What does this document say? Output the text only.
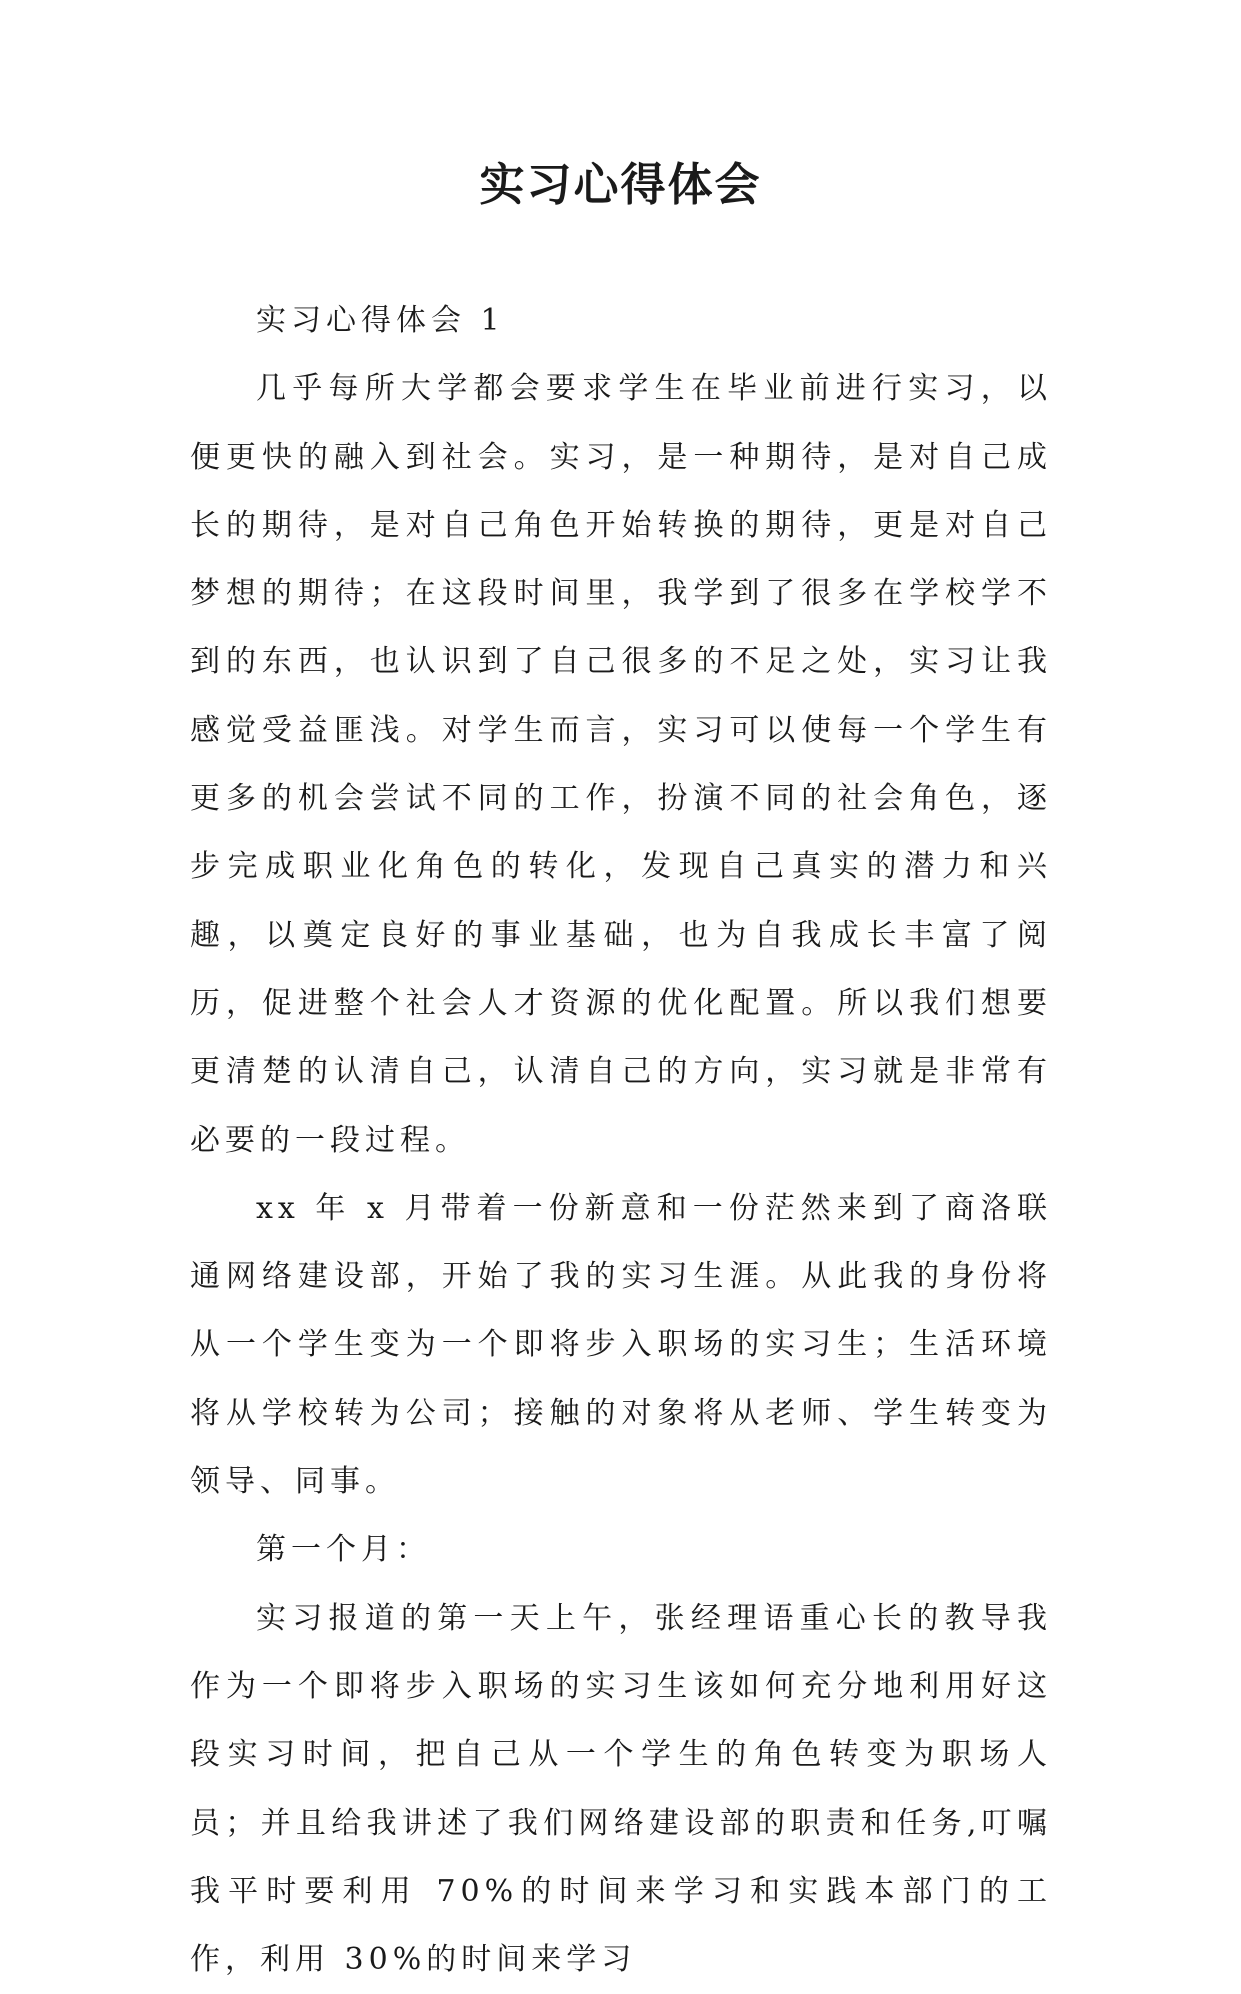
实习心得体会

实习心得体会 1

几乎每所大学都会要求学生在毕业前进行实习，以便更快的融入到社会。实习，是一种期待，是对自己成长的期待，是对自己角色开始转换的期待，更是对自己梦想的期待；在这段时间里，我学到了很多在学校学不到的东西，也认识到了自己很多的不足之处，实习让我感觉受益匪浅。对学生而言，实习可以使每一个学生有更多的机会尝试不同的工作，扮演不同的社会角色，逐步完成职业化角色的转化，发现自己真实的潜力和兴趣，以奠定良好的事业基础，也为自我成长丰富了阅历，促进整个社会人才资源的优化配置。所以我们想要更清楚的认清自己，认清自己的方向，实习就是非常有必要的一段过程。

xx 年 x 月带着一份新意和一份茫然来到了商洛联通网络建设部，开始了我的实习生涯。从此我的身份将从一个学生变为一个即将步入职场的实习生；生活环境将从学校转为公司；接触的对象将从老师、学生转变为领导、同事。

第一个月：

实习报道的第一天上午，张经理语重心长的教导我作为一个即将步入职场的实习生该如何充分地利用好这段实习时间，把自己从一个学生的角色转变为职场人员；并且给我讲述了我们网络建设部的职责和任务,叮嘱我平时要利用 70%的时间来学习和实践本部门的工作，利用 30%的时间来学习
